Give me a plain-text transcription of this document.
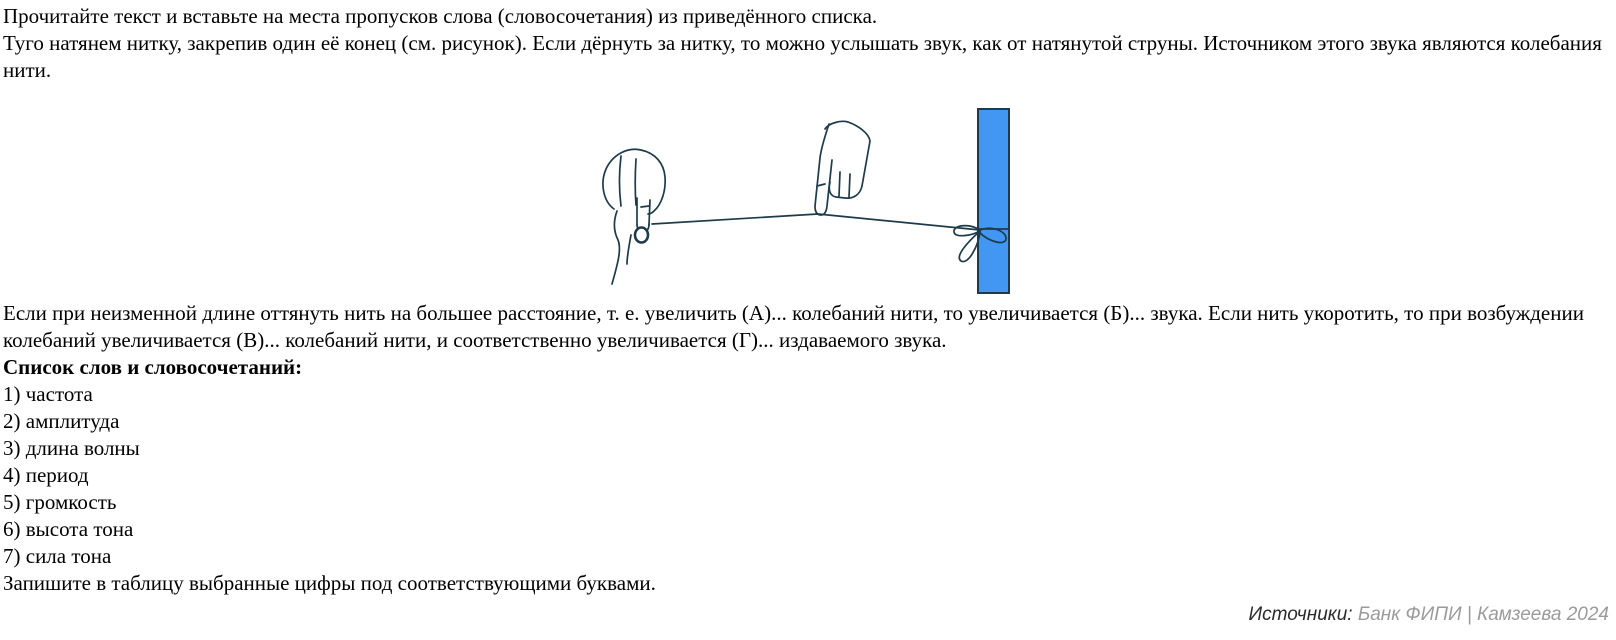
Прочитайте текст и вставьте на места пропусков слова (словосочетания) из приведённого списка.

Туго натянем нитку, закрепив один её конец (см. рисунок). Если дёрнуть за нитку, то можно услышать звук, как от натянутой струны. Источником этого звука являются колебания нити.

Если при неизменной длине оттянуть нить на большее расстояние, т. е. увеличить (А)... колебаний нити, то увеличивается (Б)... звука. Если нить укоротить, то при возбуждении колебаний увеличивается (В)... колебаний нити, и соответственно увеличивается (Г)... издаваемого звука.

Список слов и словосочетаний:

1) частота

2) амплитуда

3) длина волны

4) период

5) громкость

6) высота тона

7) сила тона

Запишите в таблицу выбранные цифры под соответствующими буквами.

Источники: Банк ФИПИ | Камзеева 2024
